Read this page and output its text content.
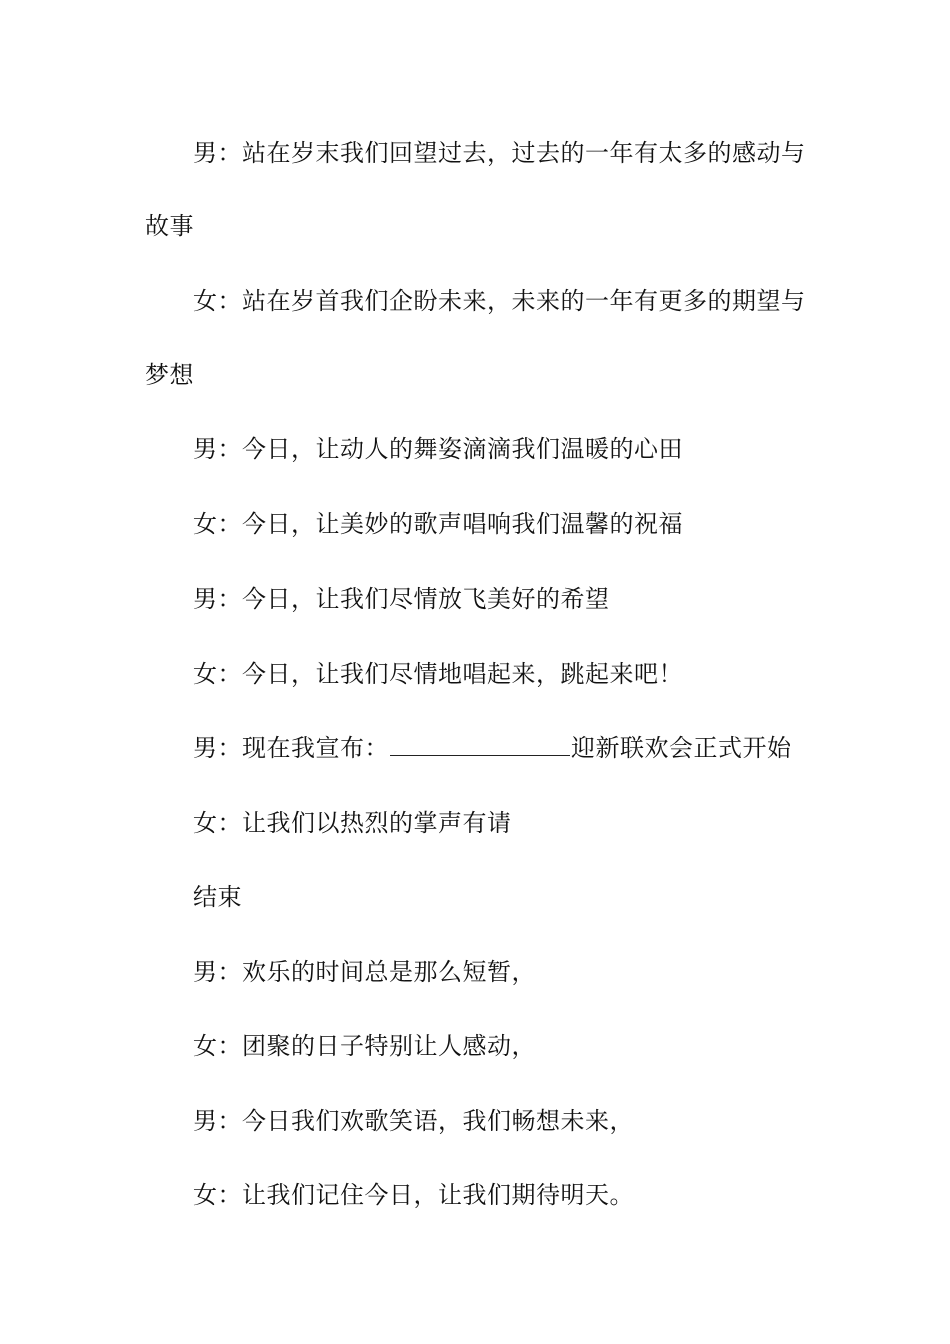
男：站在岁末我们回望过去，过去的一年有太多的感动与
故事
女：站在岁首我们企盼未来，未来的一年有更多的期望与
梦想
男：今日，让动人的舞姿滴滴我们温暖的心田
女：今日，让美妙的歌声唱响我们温馨的祝福
男：今日，让我们尽情放飞美好的希望
女：今日，让我们尽情地唱起来，跳起来吧！
男：现在我宣布：	迎新联欢会正式开始
女：让我们以热烈的掌声有请
结束
男：欢乐的时间总是那么短暂，
女：团聚的日子特别让人感动，
男：今日我们欢歌笑语，我们畅想未来，
女：让我们记住今日，让我们期待明天。
